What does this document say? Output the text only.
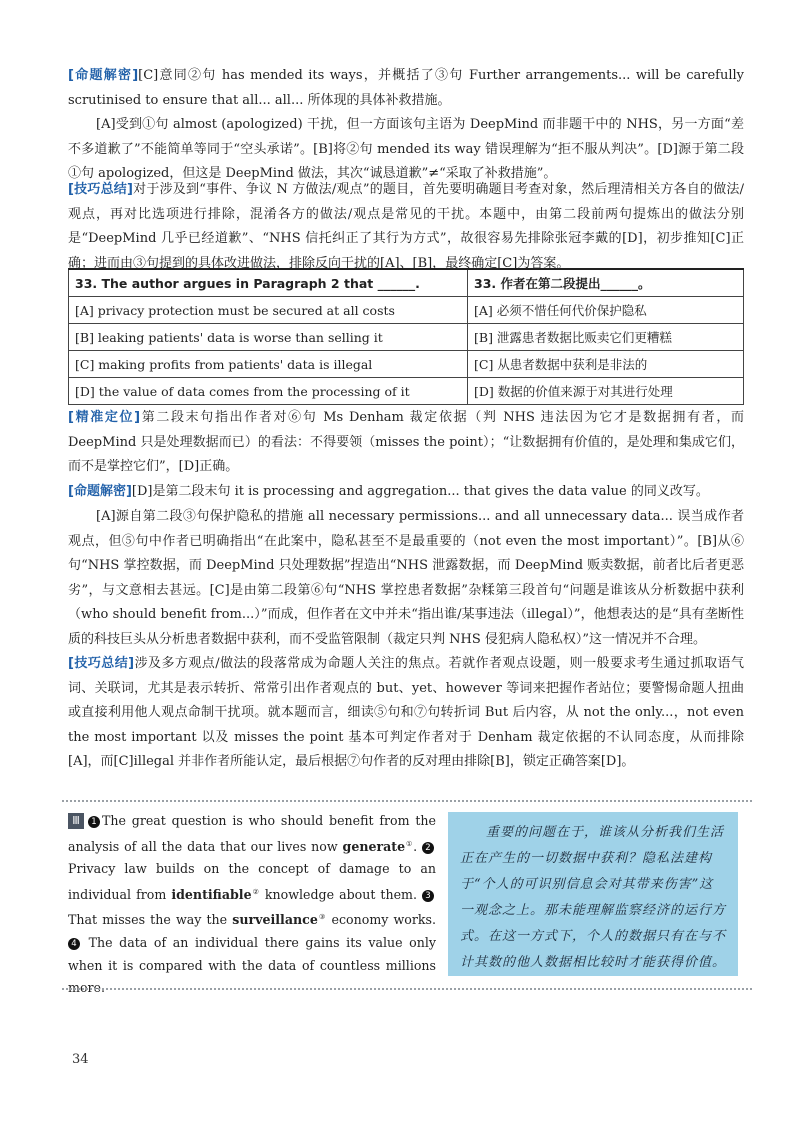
[命题解密][C]意同②句 has mended its ways，并概括了③句 Further arrangements... will be carefully scrutinised to ensure that all... all... 所体现的具体补救措施。

[A]受到①句 almost (apologized) 干扰，但一方面该句主语为 DeepMind 而非题干中的 NHS，另一方面“差不多道歉了”不能简单等同于“空头承诺”。[B]将②句 mended its way 错误理解为“拒不服从判决”。[D]源于第二段①句 apologized，但这是 DeepMind 做法，其次“诚恳道歉”≠“采取了补救措施”。

[技巧总结]对于涉及到“事件、争议 N 方做法/观点”的题目，首先要明确题目考查对象，然后理清相关方各自的做法/观点，再对比选项进行排除，混淆各方的做法/观点是常见的干扰。本题中，由第二段前两句提炼出的做法分别是“DeepMind 几乎已经道歉”、“NHS 信托纠正了其行为方式”，故很容易先排除张冠李戴的[D]，初步推知[C]正确；进而由③句提到的具体改进做法，排除反向干扰的[A]、[B]，最终确定[C]为答案。

33. The author argues in Paragraph 2 that ______.	33. 作者在第二段提出______。
[A] privacy protection must be secured at all costs	[A] 必须不惜任何代价保护隐私
[B] leaking patients' data is worse than selling it	[B] 泄露患者数据比贩卖它们更糟糕
[C] making profits from patients' data is illegal	[C] 从患者数据中获利是非法的
[D] the value of data comes from the processing of it	[D] 数据的价值来源于对其进行处理

[精准定位]第二段末句指出作者对⑥句 Ms Denham 裁定依据（判 NHS 违法因为它才是数据拥有者，而 DeepMind 只是处理数据而已）的看法：不得要领（misses the point）；“让数据拥有价值的，是处理和集成它们，而不是掌控它们”，[D]正确。

[命题解密][D]是第二段末句 it is processing and aggregation... that gives the data value 的同义改写。

[A]源自第二段③句保护隐私的措施 all necessary permissions... and all unnecessary data... 误当成作者观点，但⑤句中作者已明确指出“在此案中，隐私甚至不是最重要的（not even the most important）”。[B]从⑥句“NHS 掌控数据，而 DeepMind 只处理数据”捏造出“NHS 泄露数据，而 DeepMind 贩卖数据，前者比后者更恶劣”，与文意相去甚远。[C]是由第二段第⑥句“NHS 掌控患者数据”杂糅第三段首句“问题是谁该从分析数据中获利（who should benefit from...）”而成，但作者在文中并未“指出谁/某事违法（illegal）”，他想表达的是“具有垄断性质的科技巨头从分析患者数据中获利，而不受监管限制（裁定只判 NHS 侵犯病人隐私权）”这一情况并不合理。

[技巧总结]涉及多方观点/做法的段落常成为命题人关注的焦点。若就作者观点设题，则一般要求考生通过抓取语气词、关联词，尤其是表示转折、常常引出作者观点的 but、yet、however 等词来把握作者站位；要警惕命题人扭曲或直接利用他人观点命制干扰项。就本题而言，细读⑤句和⑦句转折词 But 后内容，从 not the only...，not even the most important 以及 misses the point 基本可判定作者对于 Denham 裁定依据的不认同态度，从而排除[A]，而[C]illegal 并非作者所能认定，最后根据⑦句作者的反对理由排除[B]，锁定正确答案[D]。

Ⅲ 1 The great question is who should benefit from the analysis of all the data that our lives now generate①. 2 Privacy law builds on the concept of damage to an individual from identifiable② knowledge about them. 3 That misses the way the surveillance③ economy works. 4 The data of an individual there gains its value only when it is compared with the data of countless millions more.

重要的问题在于，谁该从分析我们生活正在产生的一切数据中获利？隐私法建构于“个人的可识别信息会对其带来伤害”这一观念之上。那未能理解监察经济的运行方式。在这一方式下，个人的数据只有在与不计其数的他人数据相比较时才能获得价值。

34
